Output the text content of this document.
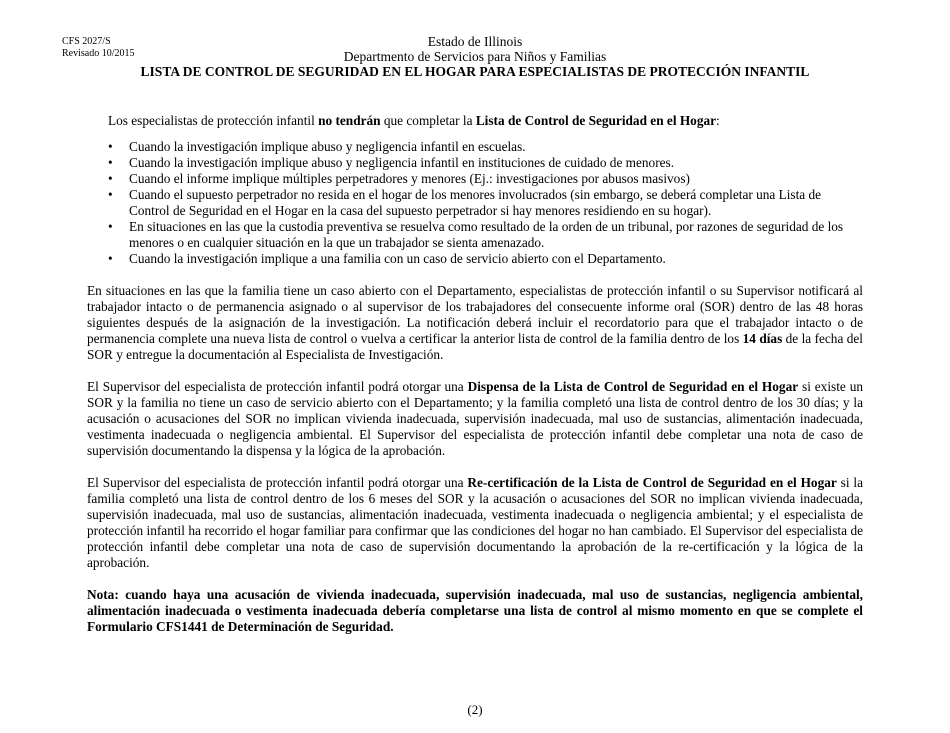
CFS 2027/S
Revisado 10/2015
Estado de Illinois
Departmento de Servicios para Niños y Familias
LISTA DE CONTROL DE SEGURIDAD EN EL HOGAR PARA ESPECIALISTAS DE PROTECCIÓN INFANTIL
Los especialistas de protección infantil no tendrán que completar la Lista de Control de Seguridad en el Hogar:
• Cuando la investigación implique abuso y negligencia infantil en escuelas.
• Cuando la investigación implique abuso y negligencia infantil en instituciones de cuidado de menores.
• Cuando el informe implique múltiples perpetradores y menores (Ej.: investigaciones por abusos masivos)
• Cuando el supuesto perpetrador no resida en el hogar de los menores involucrados (sin embargo, se deberá completar una Lista de Control de Seguridad en el Hogar en la casa del supuesto perpetrador si hay menores residiendo en su hogar).
• En situaciones en las que la custodia preventiva se resuelva como resultado de la orden de un tribunal, por razones de seguridad de los menores o en cualquier situación en la que un trabajador se sienta amenazado.
• Cuando la investigación implique a una familia con un caso de servicio abierto con el Departamento.

En situaciones en las que la familia tiene un caso abierto con el Departamento, especialistas de protección infantil o su Supervisor notificará al trabajador intacto o de permanencia asignado o al supervisor de los trabajadores del consecuente informe oral (SOR) dentro de las 48 horas siguientes después de la asignación de la investigación. La notificación deberá incluir el recordatorio para que el trabajador intacto o de permanencia complete una nueva lista de control o vuelva a certificar la anterior lista de control de la familia dentro de los 14 días de la fecha del SOR y entregue la documentación al Especialista de Investigación.

El Supervisor del especialista de protección infantil podrá otorgar una Dispensa de la Lista de Control de Seguridad en el Hogar si existe un SOR y la familia no tiene un caso de servicio abierto con el Departamento; y la familia completó una lista de control dentro de los 30 días; y la acusación o acusaciones del SOR no implican vivienda inadecuada, supervisión inadecuada, mal uso de sustancias, alimentación inadecuada, vestimenta inadecuada o negligencia ambiental. El Supervisor del especialista de protección infantil debe completar una nota de caso de supervisión documentando la dispensa y la lógica de la aprobación.

El Supervisor del especialista de protección infantil podrá otorgar una Re-certificación de la Lista de Control de Seguridad en el Hogar si la familia completó una lista de control dentro de los 6 meses del SOR y la acusación o acusaciones del SOR no implican vivienda inadecuada, supervisión inadecuada, mal uso de sustancias, alimentación inadecuada, vestimenta inadecuada o negligencia ambiental; y el especialista de protección infantil ha recorrido el hogar familiar para confirmar que las condiciones del hogar no han cambiado. El Supervisor del especialista de protección infantil debe completar una nota de caso de supervisión documentando la aprobación de la re-certificación y la lógica de la aprobación.

Nota: cuando haya una acusación de vivienda inadecuada, supervisión inadecuada, mal uso de sustancias, negligencia ambiental, alimentación inadecuada o vestimenta inadecuada debería completarse una lista de control al mismo momento en que se complete el Formulario CFS1441 de Determinación de Seguridad.

(2)
